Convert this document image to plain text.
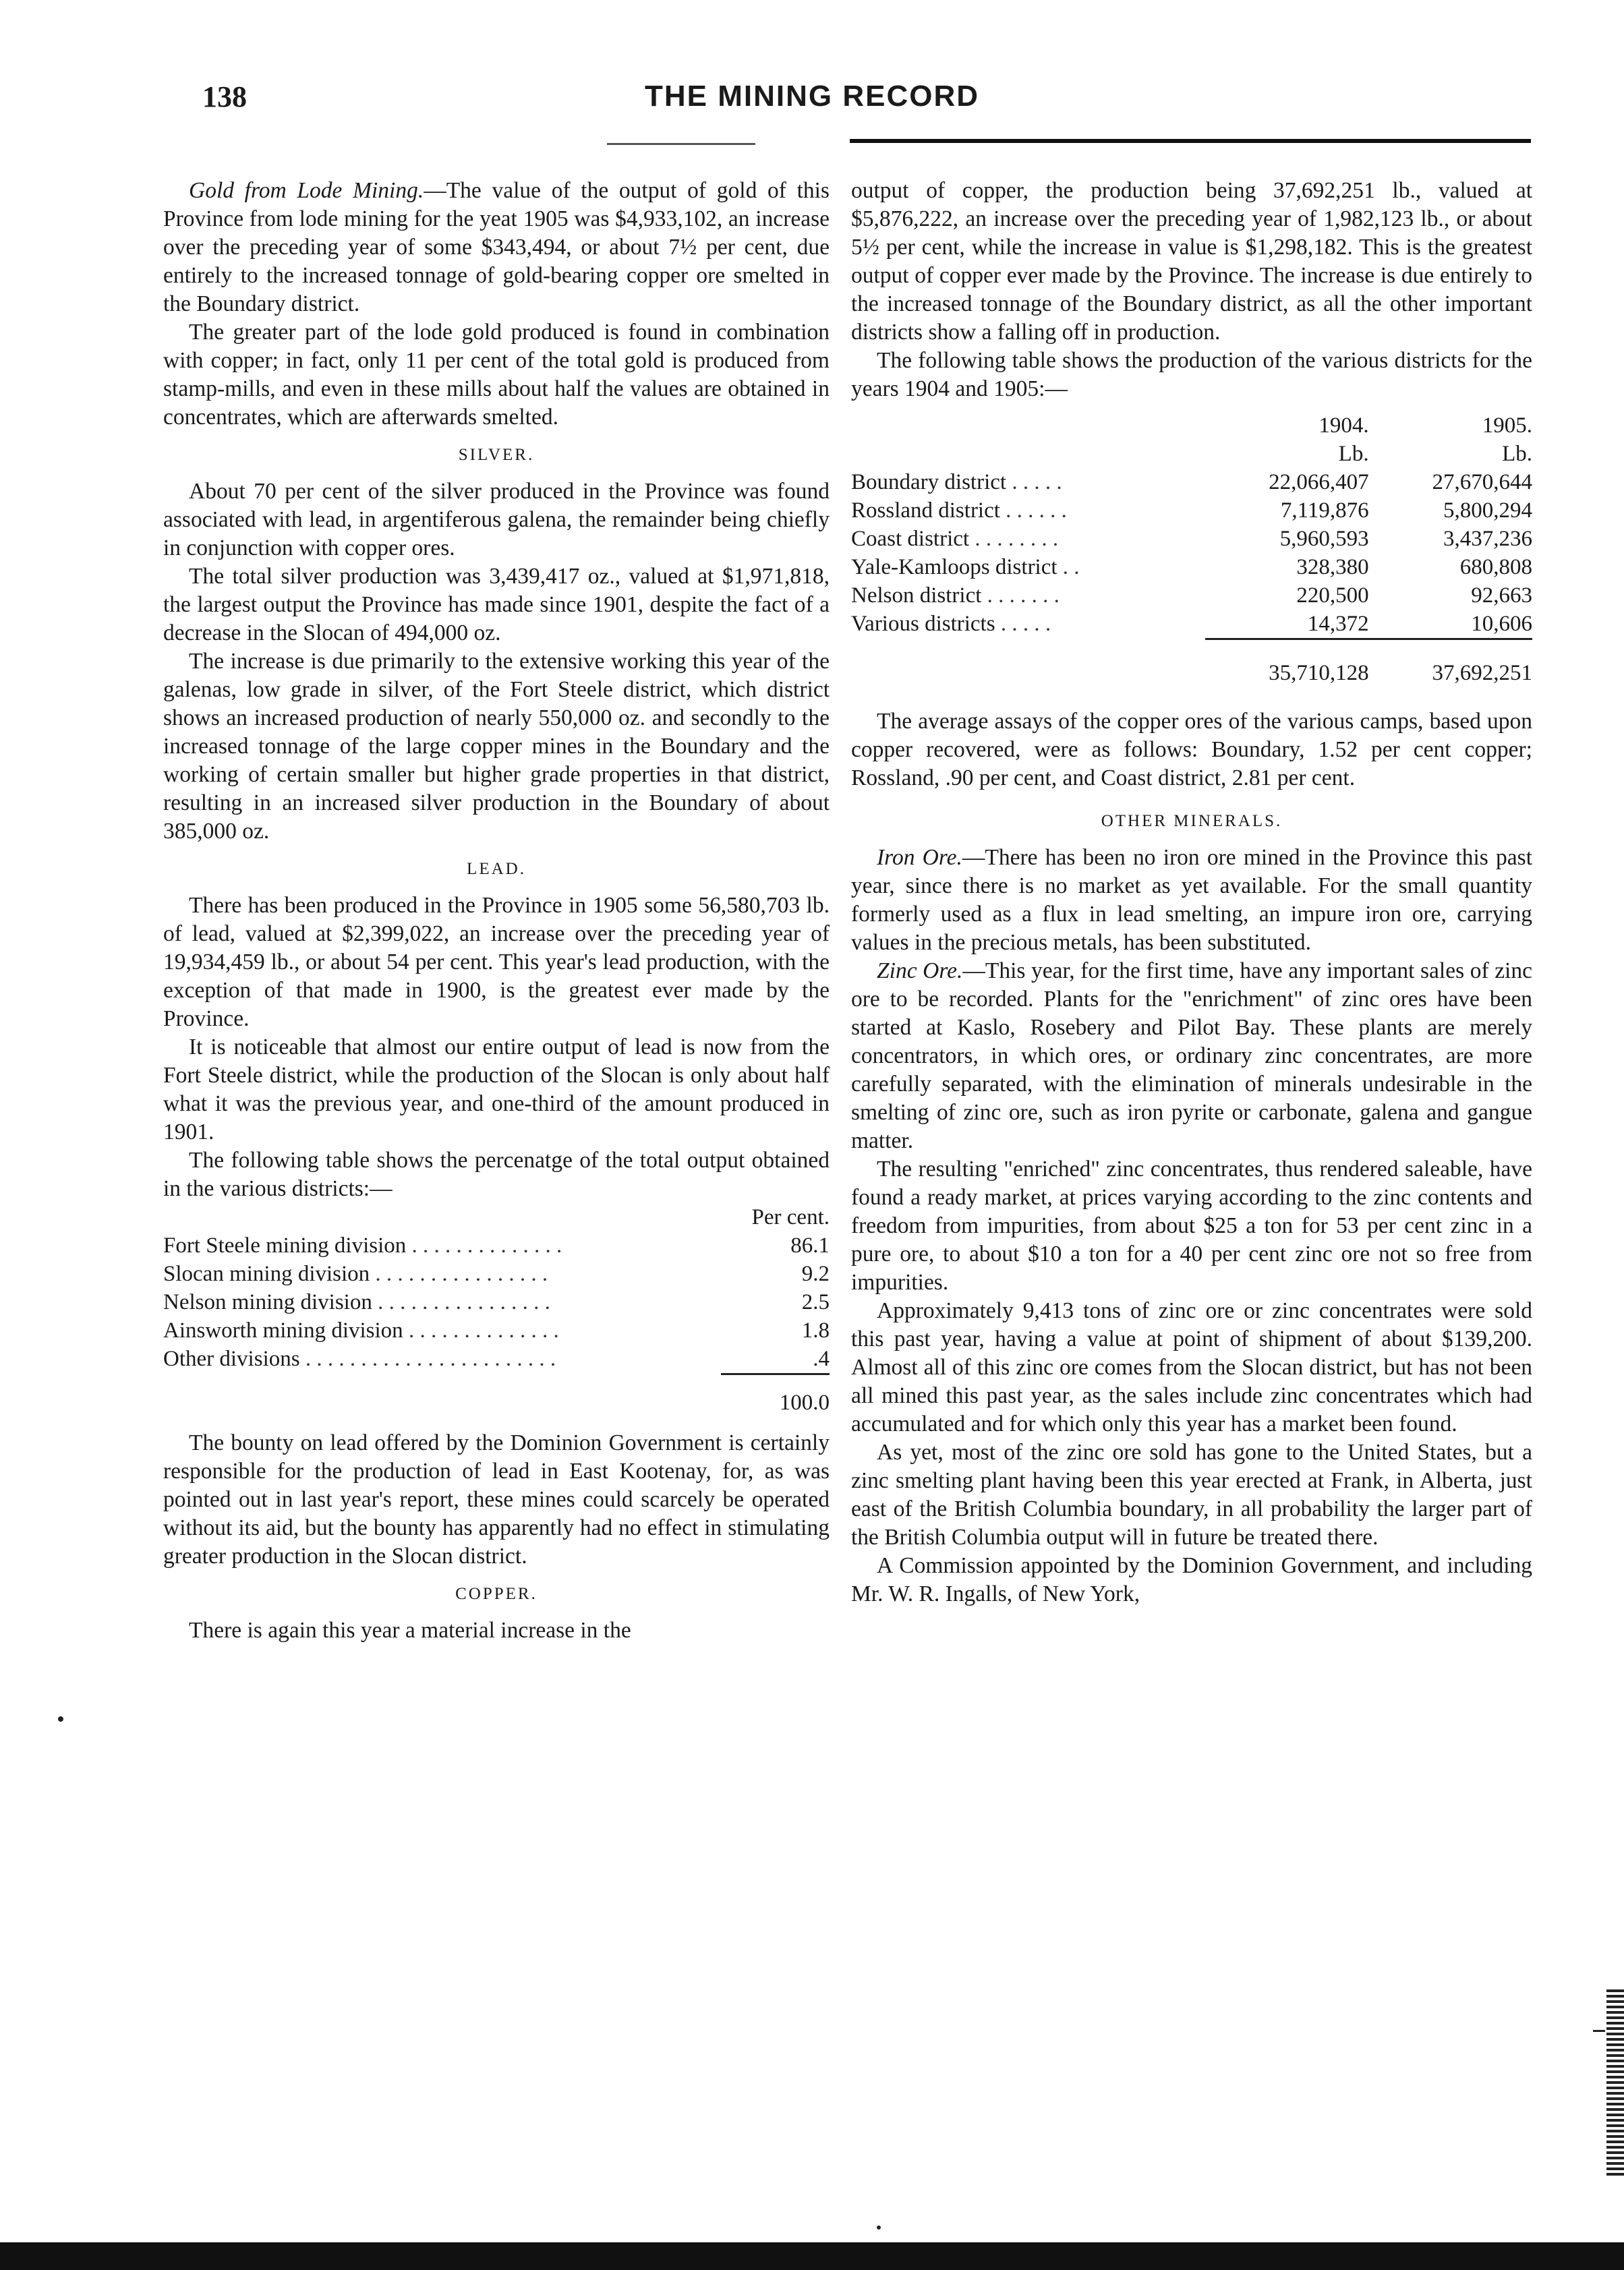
138	THE MINING RECORD

Gold from Lode Mining.—The value of the output of gold of this Province from lode mining for the yeat 1905 was $4,933,102, an increase over the preceding year of some $343,494, or about 7½ per cent, due entirely to the increased tonnage of gold-bearing copper ore smelted in the Boundary district.

The greater part of the lode gold produced is found in combination with copper; in fact, only 11 per cent of the total gold is produced from stamp-mills, and even in these mills about half the values are obtained in concentrates, which are afterwards smelted.

SILVER.

About 70 per cent of the silver produced in the Province was found associated with lead, in argentiferous galena, the remainder being chiefly in conjunction with copper ores.

The total silver production was 3,439,417 oz., valued at $1,971,818, the largest output the Province has made since 1901, despite the fact of a decrease in the Slocan of 494,000 oz.

The increase is due primarily to the extensive working this year of the galenas, low grade in silver, of the Fort Steele district, which district shows an increased production of nearly 550,000 oz. and secondly to the increased tonnage of the large copper mines in the Boundary and the working of certain smaller but higher grade properties in that district, resulting in an increased silver production in the Boundary of about 385,000 oz.

LEAD.

There has been produced in the Province in 1905 some 56,580,703 lb. of lead, valued at $2,399,022, an increase over the preceding year of 19,934,459 lb., or about 54 per cent. This year's lead production, with the exception of that made in 1900, is the greatest ever made by the Province.

It is noticeable that almost our entire output of lead is now from the Fort Steele district, while the production of the Slocan is only about half what it was the previous year, and one-third of the amount produced in 1901.

The following table shows the percenatge of the total output obtained in the various districts:—

	Per cent.
Fort Steele mining division . . . . . . . . . . . . . .	86.1
Slocan mining division . . . . . . . . . . . . . . . .	9.2
Nelson mining division . . . . . . . . . . . . . . . .	2.5
Ainsworth mining division . . . . . . . . . . . . . .	1.8
Other divisions . . . . . . . . . . . . . . . . . . . . . . .	.4
	100.0

The bounty on lead offered by the Dominion Government is certainly responsible for the production of lead in East Kootenay, for, as was pointed out in last year's report, these mines could scarcely be operated without its aid, but the bounty has apparently had no effect in stimulating greater production in the Slocan district.

COPPER.

There is again this year a material increase in the

output of copper, the production being 37,692,251 lb., valued at $5,876,222, an increase over the preceding year of 1,982,123 lb., or about 5½ per cent, while the increase in value is $1,298,182. This is the greatest output of copper ever made by the Province. The increase is due entirely to the increased tonnage of the Boundary district, as all the other important districts show a falling off in production.

The following table shows the production of the various districts for the years 1904 and 1905:—

	1904.	1905.
	Lb.	Lb.
Boundary district . . . . .	22,066,407	27,670,644
Rossland district . . . . . .	7,119,876	5,800,294
Coast district . . . . . . . .	5,960,593	3,437,236
Yale-Kamloops district . .	328,380	680,808
Nelson district . . . . . . .	220,500	92,663
Various districts . . . . .	14,372	10,606
	35,710,128	37,692,251

The average assays of the copper ores of the various camps, based upon copper recovered, were as follows: Boundary, 1.52 per cent copper; Rossland, .90 per cent, and Coast district, 2.81 per cent.

OTHER MINERALS.

Iron Ore.—There has been no iron ore mined in the Province this past year, since there is no market as yet available. For the small quantity formerly used as a flux in lead smelting, an impure iron ore, carrying values in the precious metals, has been substituted.

Zinc Ore.—This year, for the first time, have any important sales of zinc ore to be recorded. Plants for the "enrichment" of zinc ores have been started at Kaslo, Rosebery and Pilot Bay. These plants are merely concentrators, in which ores, or ordinary zinc concentrates, are more carefully separated, with the elimination of minerals undesirable in the smelting of zinc ore, such as iron pyrite or carbonate, galena and gangue matter.

The resulting "enriched" zinc concentrates, thus rendered saleable, have found a ready market, at prices varying according to the zinc contents and freedom from impurities, from about $25 a ton for 53 per cent zinc in a pure ore, to about $10 a ton for a 40 per cent zinc ore not so free from impurities.

Approximately 9,413 tons of zinc ore or zinc concentrates were sold this past year, having a value at point of shipment of about $139,200. Almost all of this zinc ore comes from the Slocan district, but has not been all mined this past year, as the sales include zinc concentrates which had accumulated and for which only this year has a market been found.

As yet, most of the zinc ore sold has gone to the United States, but a zinc smelting plant having been this year erected at Frank, in Alberta, just east of the British Columbia boundary, in all probability the larger part of the British Columbia output will in future be treated there.

A Commission appointed by the Dominion Government, and including Mr. W. R. Ingalls, of New York,
